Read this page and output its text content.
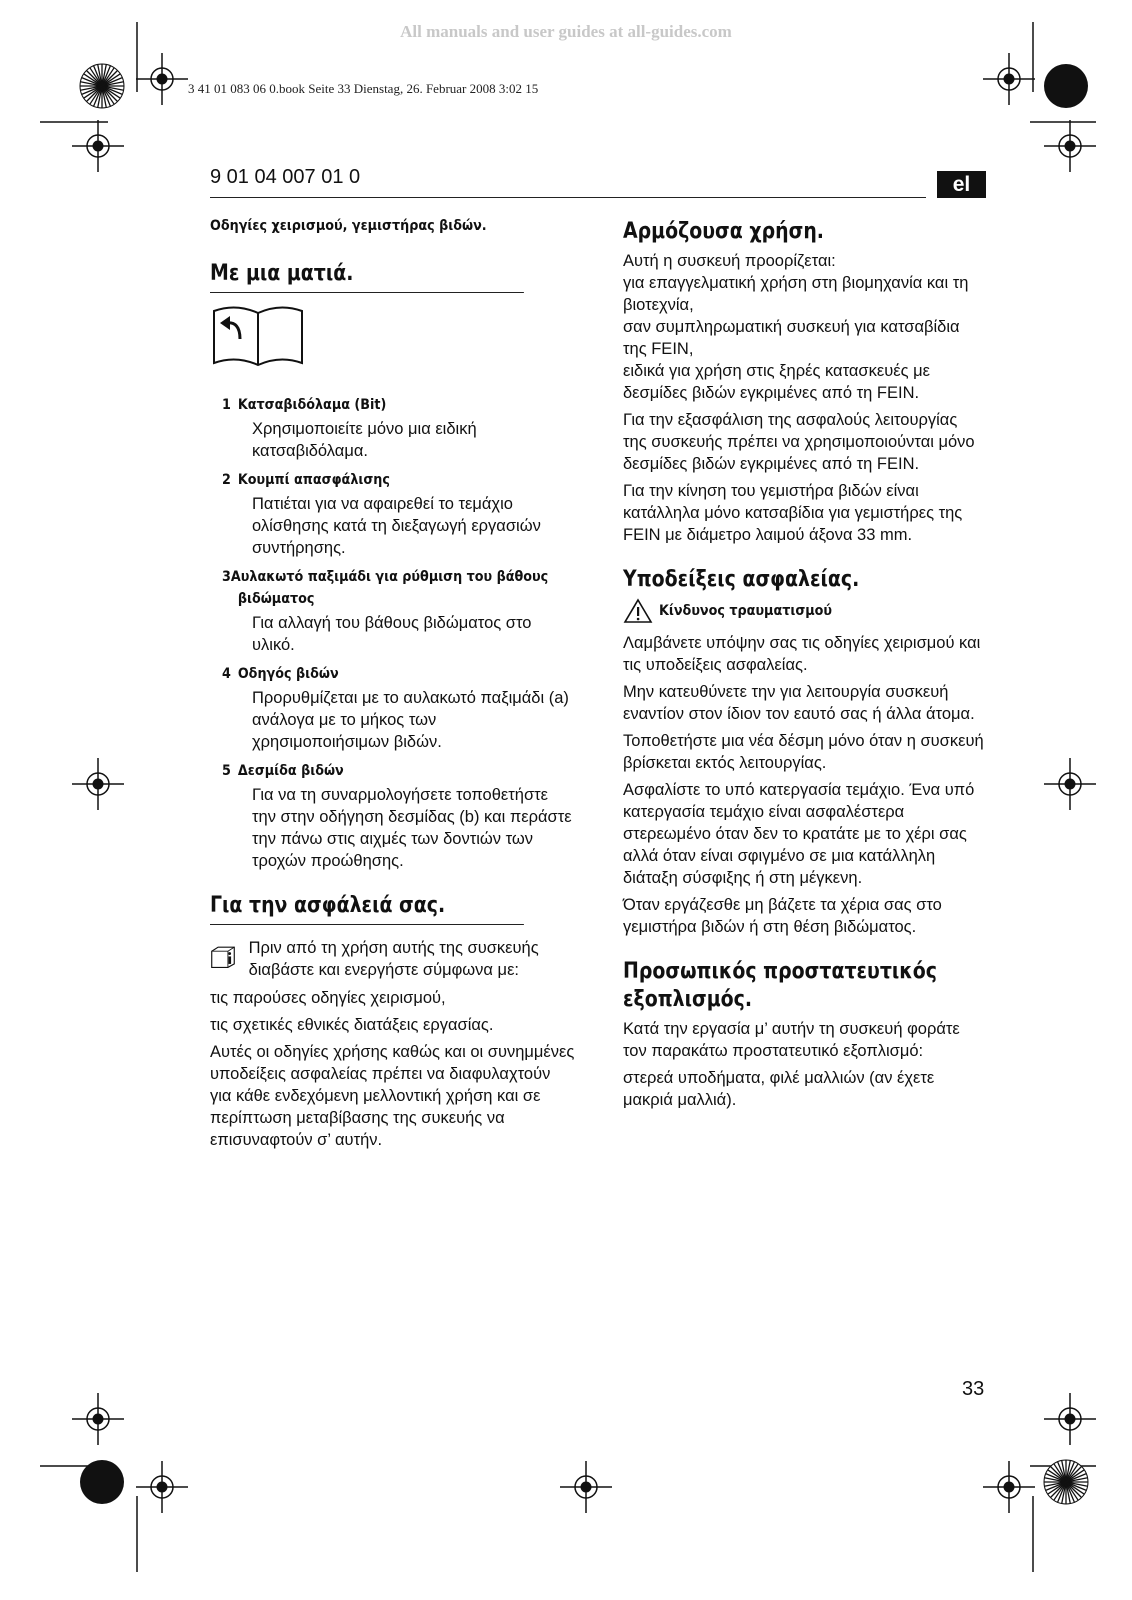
All manuals and user guides at all-guides.com
3 41 01 083 06 0.book Seite 33 Dienstag, 26. Februar 2008 3:02 15
9 01 04 007 01 0	el
Οδηγίες χειρισμού, γεμιστήρας βιδών.
Με μια ματιά.
1 Κατσαβιδόλαμα (Bit)
Χρησιμοποιείτε μόνο μια ειδική κατσαβιδόλαμα.
2 Κουμπί απασφάλισης
Πατιέται για να αφαιρεθεί το τεμάχιο ολίσθησης κατά τη διεξαγωγή εργασιών συντήρησης.
3 Αυλακωτό παξιμάδι για ρύθμιση του βάθους
βιδώματος
Για αλλαγή του βάθους βιδώματος στο υλικό.
4 Οδηγός βιδών
Προρυθμίζεται με το αυλακωτό παξιμάδι (a) ανάλογα με το μήκος των χρησιμοποιήσιμων βιδών.
5 Δεσμίδα βιδών
Για να τη συναρμολογήσετε τοποθετήστε την στην οδήγηση δεσμίδας (b) και περάστε την πάνω στις αιχμές των δοντιών των τροχών προώθησης.
Για την ασφάλειά σας.
Πριν από τη χρήση αυτής της συσκευής διαβάστε και ενεργήστε σύμφωνα με:

τις παρούσες οδηγίες χειρισμού,

τις σχετικές εθνικές διατάξεις εργασίας.

Αυτές οι οδηγίες χρήσης καθώς και οι συνημμένες υποδείξεις ασφαλείας πρέπει να διαφυλαχτούν για κάθε ενδεχόμενη μελλοντική χρήση και σε περίπτωση μεταβίβασης της συκευής να επισυναφτούν σ’ αυτήν.

Αρμόζουσα χρήση.

Αυτή η συσκευή προορίζεται:
για επαγγελματική χρήση στη βιομηχανία και τη βιοτεχνία,
σαν συμπληρωματική συσκευή για κατσαβίδια της FEIN,
ειδικά για χρήση στις ξηρές κατασκευές με δεσμίδες βιδών εγκριμένες από τη FEIN.

Για την εξασφάλιση της ασφαλούς λειτουργίας της συσκευής πρέπει να χρησιμοποιούνται μόνο δεσμίδες βιδών εγκριμένες από τη FEIN.

Για την κίνηση του γεμιστήρα βιδών είναι κατάλληλα μόνο κατσαβίδια για γεμιστήρες της FEIN με διάμετρο λαιμού άξονα 33 mm.

Υποδείξεις ασφαλείας.
Κίνδυνος τραυματισμού

Λαμβάνετε υπόψην σας τις οδηγίες χειρισμού και τις υποδείξεις ασφαλείας.

Μην κατευθύνετε την για λειτουργία συσκευή εναντίον στον ίδιον τον εαυτό σας ή άλλα άτομα.

Τοποθετήστε μια νέα δέσμη μόνο όταν η συσκευή βρίσκεται εκτός λειτουργίας.

Ασφαλίστε το υπό κατεργασία τεμάχιο. Ένα υπό κατεργασία τεμάχιο είναι ασφαλέστερα στερεωμένο όταν δεν το κρατάτε με το χέρι σας αλλά όταν είναι σφιγμένο σε μια κατάλληλη διάταξη σύσφιξης ή στη μέγκενη.

Όταν εργάζεσθε μη βάζετε τα χέρια σας στο γεμιστήρα βιδών ή στη θέση βιδώματος.

Προσωπικός προστατευτικός
εξοπλισμός.

Κατά την εργασία μ’ αυτήν τη συσκευή φοράτε τον παρακάτω προστατευτικό εξοπλισμό:

στερεά υποδήματα, φιλέ μαλλιών (αν έχετε μακριά μαλλιά).

33
